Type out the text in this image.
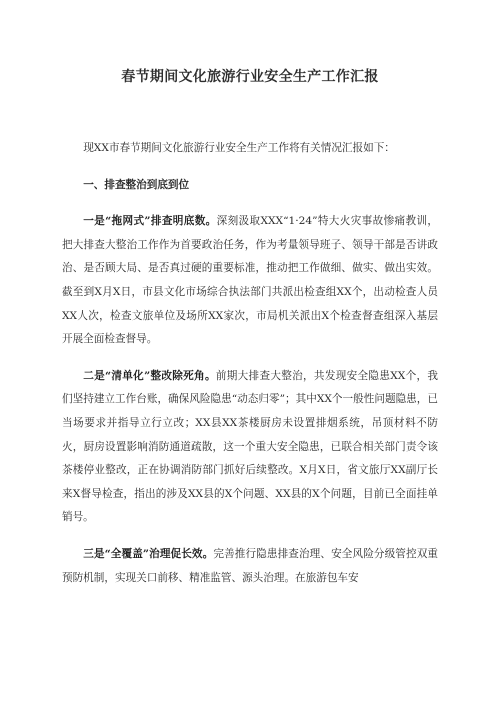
春节期间文化旅游行业安全生产工作汇报

现XX市春节期间文化旅游行业安全生产工作将有关情况汇报如下：

一、排查整治到底到位

一是“拖网式”排查明底数。深刻汲取XXX“1·24”特大火灾事故惨痛教训，把大排查大整治工作作为首要政治任务，作为考量领导班子、领导干部是否讲政治、是否顾大局、是否真过硬的重要标准，推动把工作做细、做实、做出实效。截至到X月X日，市县文化市场综合执法部门共派出检查组XX个，出动检查人员XX人次，检查文旅单位及场所XX家次，市局机关派出X个检查督查组深入基层开展全面检查督导。

二是“清单化”整改除死角。前期大排查大整治，共发现安全隐患XX个，我们坚持建立工作台账，确保风险隐患“动态归零”；其中XX个一般性问题隐患，已当场要求并指导立行立改；XX县XX茶楼厨房未设置排烟系统，吊顶材料不防火，厨房设置影响消防通道疏散，这一个重大安全隐患，已联合相关部门责令该茶楼停业整改，正在协调消防部门抓好后续整改。X月X日，省文旅厅XX副厅长来X督导检查，指出的涉及XX县的X个问题、XX县的X个问题，目前已全面挂单销号。

三是“全覆盖”治理促长效。完善推行隐患排查治理、安全风险分级管控双重预防机制，实现关口前移、精准监管、源头治理。在旅游包车安
